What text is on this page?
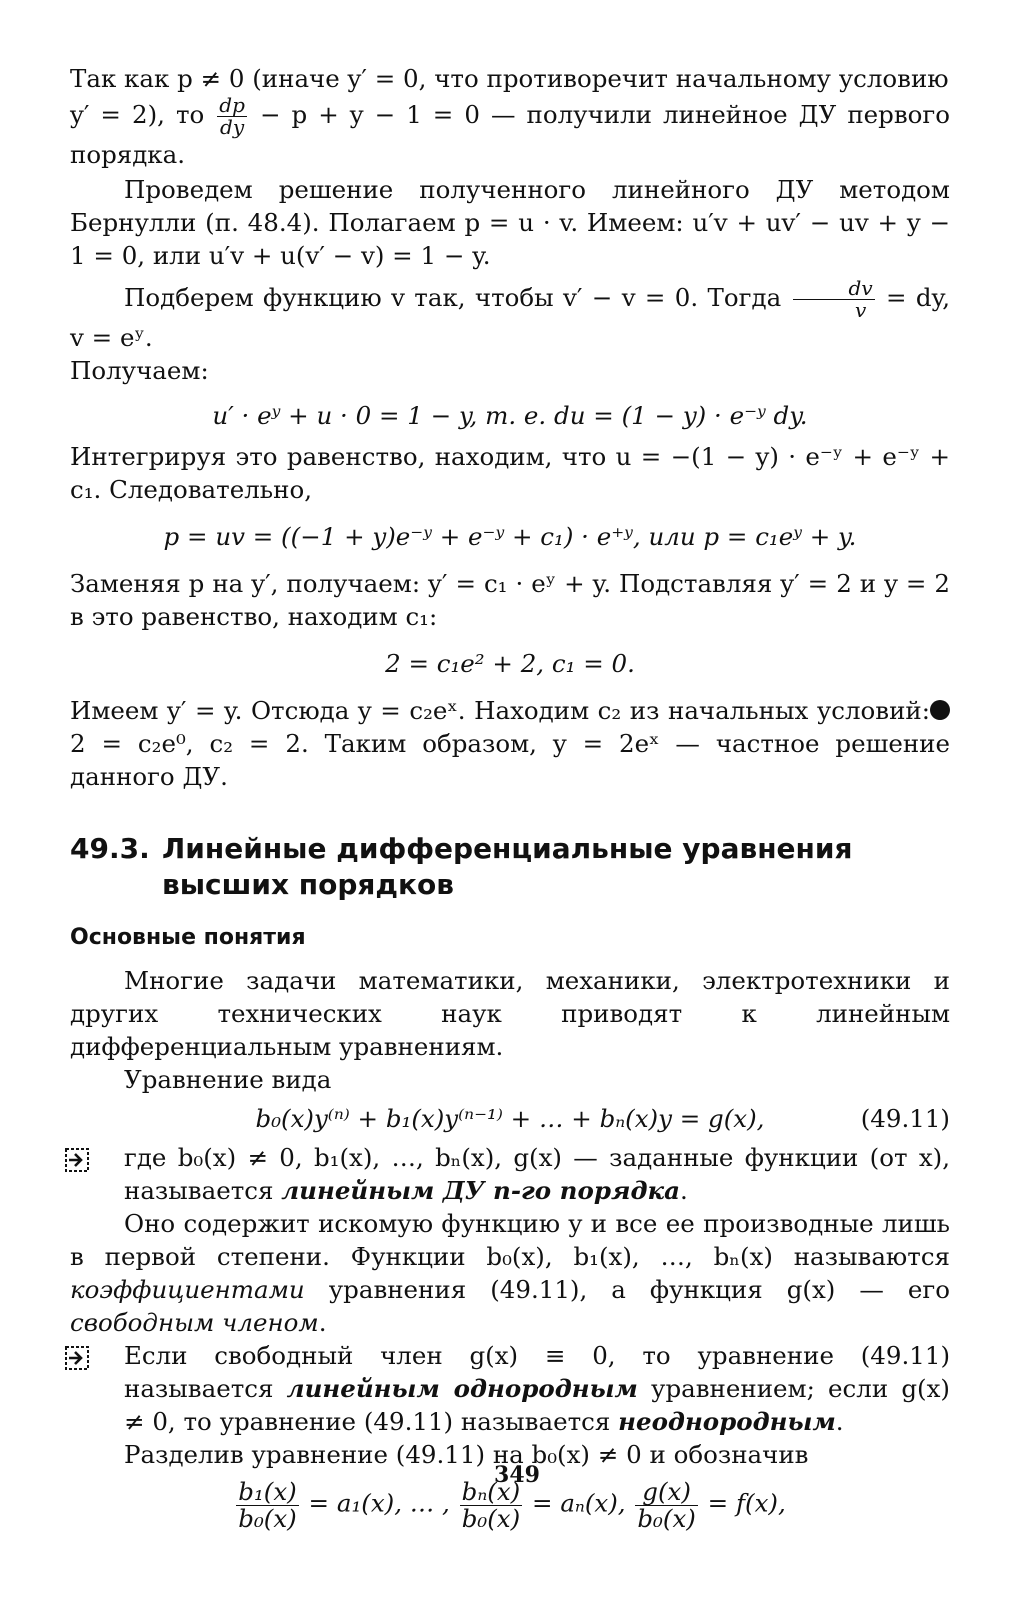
Так как p ≠ 0 (иначе y′ = 0, что противоречит начальному условию

y′ = 2), то $\frac{dp}{dy} - p + y - 1 = 0$ — получили линейное ДУ первого порядка.

Проведем решение полученного линейного ДУ методом Бернулли (п. 48.4). Полагаем p = u · v. Имеем: u′v + uv′ − uv + y − 1 = 0, или u′v + u(v′ − v) = 1 − y.

Подберем функцию v так, чтобы v′ − v = 0. Тогда $\frac{dv}{v}$ = dy, v = eʸ.

Получаем:

u′ · eʸ + u · 0 = 1 − y, т. е. du = (1 − y) · e⁻ʸ dy.

Интегрируя это равенство, находим, что u = −(1 − y) · e⁻ʸ + e⁻ʸ + c₁. Следовательно,

p = uv = ((−1 + y)e⁻ʸ + e⁻ʸ + c₁) · e⁺ʸ, или p = c₁eʸ + y.

Заменяя p на y′, получаем: y′ = c₁ · eʸ + y. Подставляя y′ = 2 и y = 2 в это равенство, находим c₁:

2 = c₁e² + 2, c₁ = 0.

Имеем y′ = y. Отсюда y = c₂eˣ. Находим c₂ из начальных условий: 2 = c₂e⁰, c₂ = 2. Таким образом, y = 2eˣ — частное решение данного ДУ.

49.3. Линейные дифференциальные уравнения высших порядков
Основные понятия

Многие задачи математики, механики, электротехники и других технических наук приводят к линейным дифференциальным уравнениям.

Уравнение вида

b₀(x)y⁽ⁿ⁾ + b₁(x)y⁽ⁿ⁻¹⁾ + … + bₙ(x)y = g(x),	(49.11)

где b₀(x) ≠ 0, b₁(x), …, bₙ(x), g(x) — заданные функции (от x), называется линейным ДУ n-го порядка.

Оно содержит искомую функцию y и все ее производные лишь в первой степени. Функции b₀(x), b₁(x), …, bₙ(x) называются коэффициентами уравнения (49.11), а функция g(x) — его свободным членом.

Если свободный член g(x) ≡ 0, то уравнение (49.11) называется линейным однородным уравнением; если g(x) ≠ 0, то уравнение (49.11) называется неоднородным.

Разделив уравнение (49.11) на b₀(x) ≠ 0 и обозначив

$\frac{\text{b₁(x)}}{\text{b₀(x)}} = a_1(x)$, … , $\frac{\text{bₙ(x)}}{\text{b₀(x)}} = a_n(x)$, $\frac{g(x)}{\text{b₀(x)}} = f(x)$,
349
